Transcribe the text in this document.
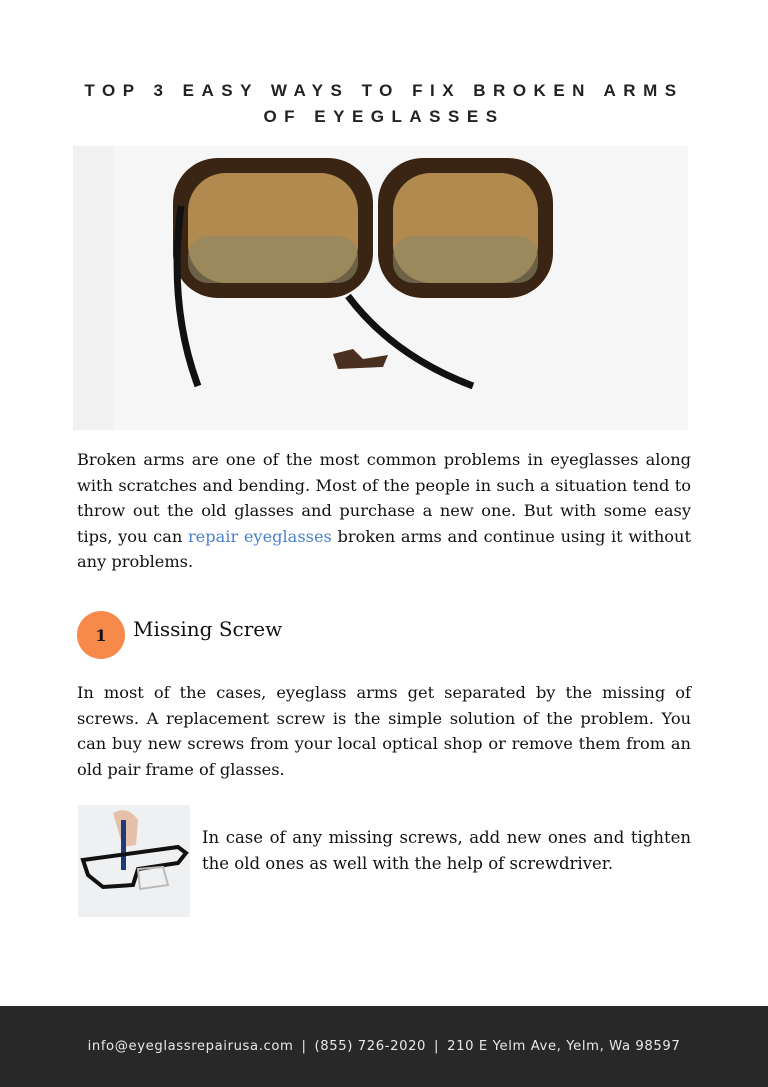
TOP 3 EASY WAYS TO FIX BROKEN ARMS OF EYEGLASSES
Broken arms are one of the most common problems in eyeglasses along with scratches and bending. Most of the people in such a situation tend to throw out the old glasses and purchase a new one. But with some easy tips, you can repair eyeglasses broken arms and continue using it without any problems.
1	Missing Screw
In most of the cases, eyeglass arms get separated by the missing of screws. A replacement screw is the simple solution of the problem. You can buy new screws from your local optical shop or remove them from an old pair frame of glasses.
In case of any missing screws, add new ones and tighten the old ones as well with the help of screwdriver.
info@eyeglassrepairusa.com | (855) 726-2020 | 210 E Yelm Ave, Yelm, Wa 98597
